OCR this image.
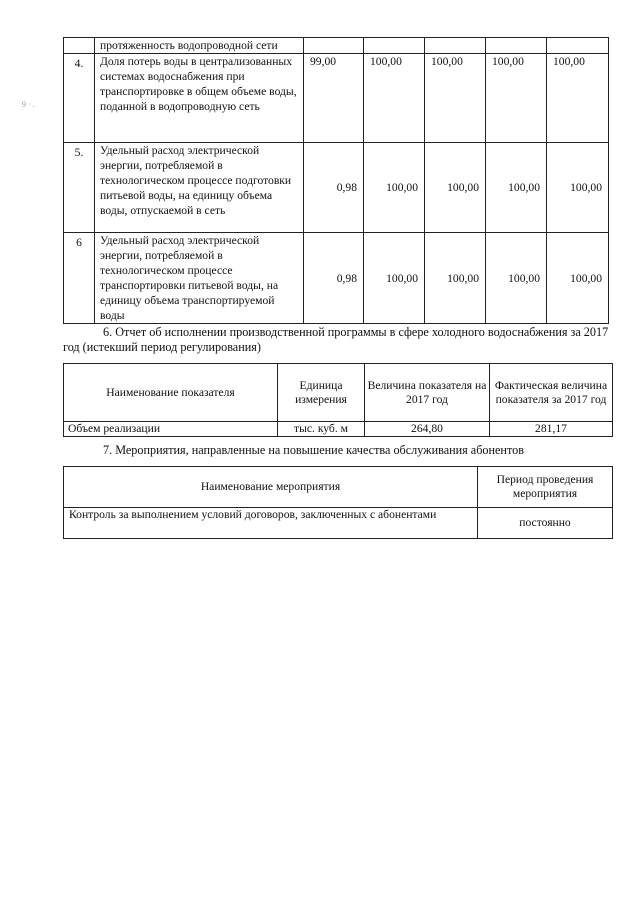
9 · .
	протяженность водопроводной сети					
4.	Доля потерь воды в централизованных системах водоснабжения при транспортировке в общем объеме воды, поданной в водопроводную сеть	99,00	100,00	100,00	100,00	100,00
5.	Удельный расход электрической энергии, потребляемой в технологическом процессе подготовки питьевой воды, на единицу объема воды, отпускаемой в сеть	0,98	100,00	100,00	100,00	100,00
6	Удельный расход электрической энергии, потребляемой в технологическом процессе транспортировки питьевой воды, на единицу объема транспортируемой воды	0,98	100,00	100,00	100,00	100,00

6. Отчет об исполнении производственной программы в сфере холодного водоснабжения за 2017 год (истекший период регулирования)

Наименование показателя	Единица измерения	Величина показателя на 2017 год	Фактическая величина показателя за 2017 год
Объем реализации	тыс. куб. м	264,80	281,17

7. Мероприятия, направленные на повышение качества обслуживания абонентов

Наименование мероприятия	Период проведения мероприятия
Контроль за выполнением условий договоров, заключенных с абонентами	постоянно
